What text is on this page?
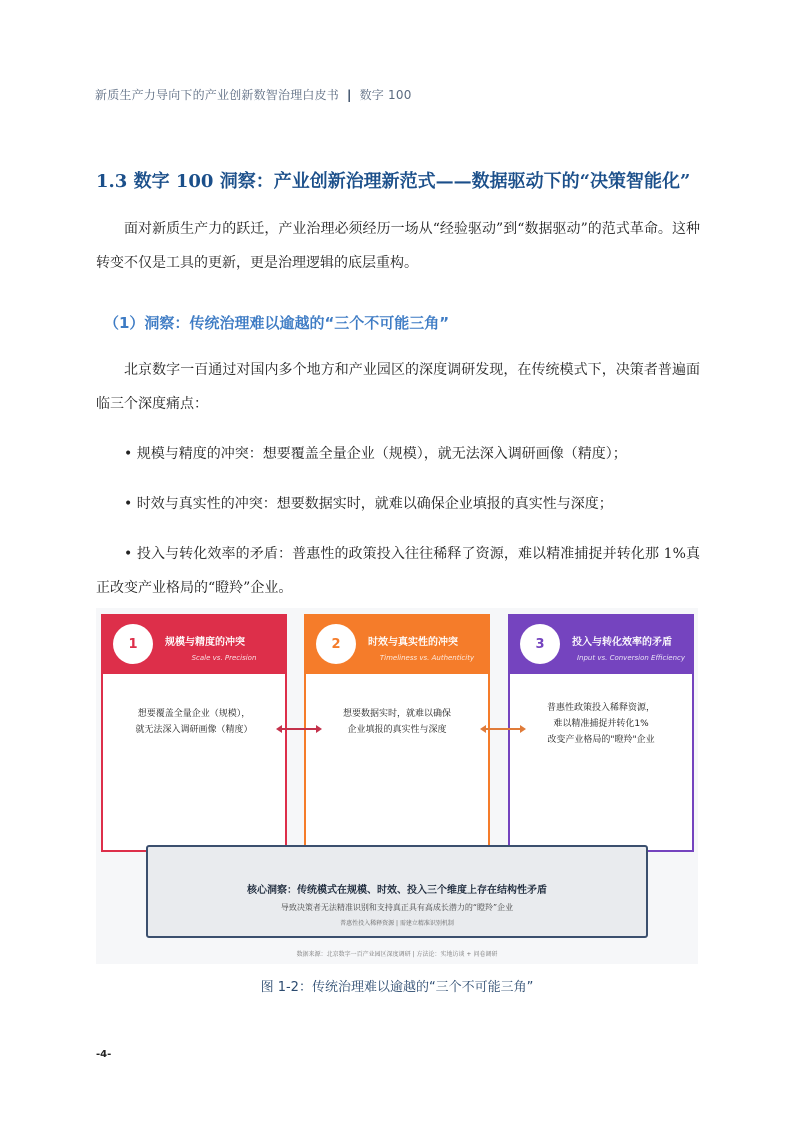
新质生产力导向下的产业创新数智治理白皮书 | 数字 100
1.3 数字 100 洞察：产业创新治理新范式——数据驱动下的“决策智能化”
面对新质生产力的跃迁，产业治理必须经历一场从“经验驱动”到“数据驱动”的范式革命。这种转变不仅是工具的更新，更是治理逻辑的底层重构。
（1）洞察：传统治理难以逾越的“三个不可能三角”
北京数字一百通过对国内多个地方和产业园区的深度调研发现，在传统模式下，决策者普遍面临三个深度痛点：
• 规模与精度的冲突：想要覆盖全量企业（规模），就无法深入调研画像（精度）；
• 时效与真实性的冲突：想要数据实时，就难以确保企业填报的真实性与深度；
• 投入与转化效率的矛盾：普惠性的政策投入往往稀释了资源，难以精准捕捉并转化那 1%真正改变产业格局的“瞪羚”企业。
1	规模与精度的冲突
Scale vs. Precision
想要覆盖全量企业（规模），
就无法深入调研画像（精度）
2	时效与真实性的冲突
Timeliness vs. Authenticity
想要数据实时，就难以确保
企业填报的真实性与深度
3	投入与转化效率的矛盾
Input vs. Conversion Efficiency
普惠性政策投入稀释资源，
难以精准捕捉并转化1%
改变产业格局的"瞪羚"企业
核心洞察：传统模式在规模、时效、投入三个维度上存在结构性矛盾
导致决策者无法精准识别和支持真正具有高成长潜力的“瞪羚”企业
普惠性投入稀释资源 | 需建立精准识别机制
数据来源：北京数字一百产业园区深度调研 | 方法论：实地访谈 + 问卷调研
图 1-2：传统治理难以逾越的“三个不可能三角”
-4-
